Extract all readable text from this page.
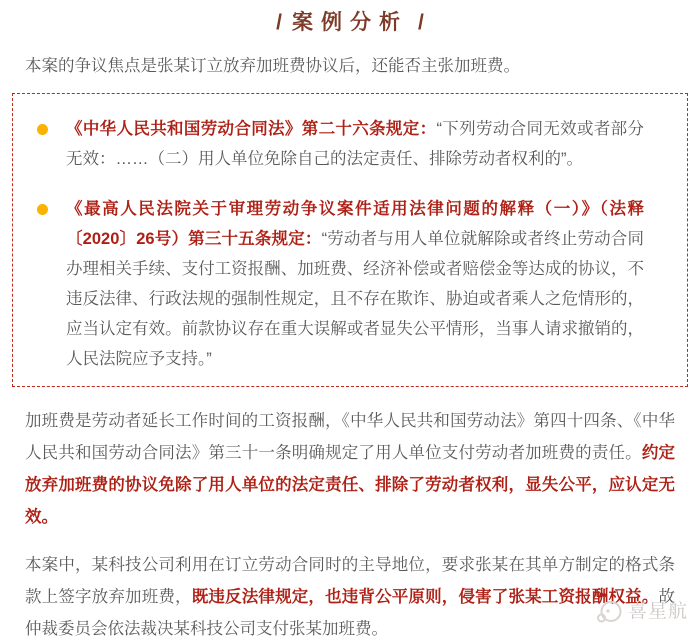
/ 案例分析 /

本案的争议焦点是张某订立放弃加班费协议后，还能否主张加班费。

《中华人民共和国劳动合同法》第二十六条规定：“下列劳动合同无效或者部分无效：……（二）用人单位免除自己的法定责任、排除劳动者权利的”。
《最高人民法院关于审理劳动争议案件适用法律问题的解释（一）》（法释〔2020〕26号）第三十五条规定：“劳动者与用人单位就解除或者终止劳动合同办理相关手续、支付工资报酬、加班费、经济补偿或者赔偿金等达成的协议，不违反法律、行政法规的强制性规定，且不存在欺诈、胁迫或者乘人之危情形的，应当认定有效。前款协议存在重大误解或者显失公平情形，当事人请求撤销的，人民法院应予支持。”

加班费是劳动者延长工作时间的工资报酬，《中华人民共和国劳动法》第四十四条、《中华人民共和国劳动合同法》第三十一条明确规定了用人单位支付劳动者加班费的责任。约定放弃加班费的协议免除了用人单位的法定责任、排除了劳动者权利，显失公平，应认定无效。

本案中，某科技公司利用在订立劳动合同时的主导地位，要求张某在其单方制定的格式条款上签字放弃加班费，既违反法律规定，也违背公平原则，侵害了张某工资报酬权益。故仲裁委员会依法裁决某科技公司支付张某加班费。

喜星航
